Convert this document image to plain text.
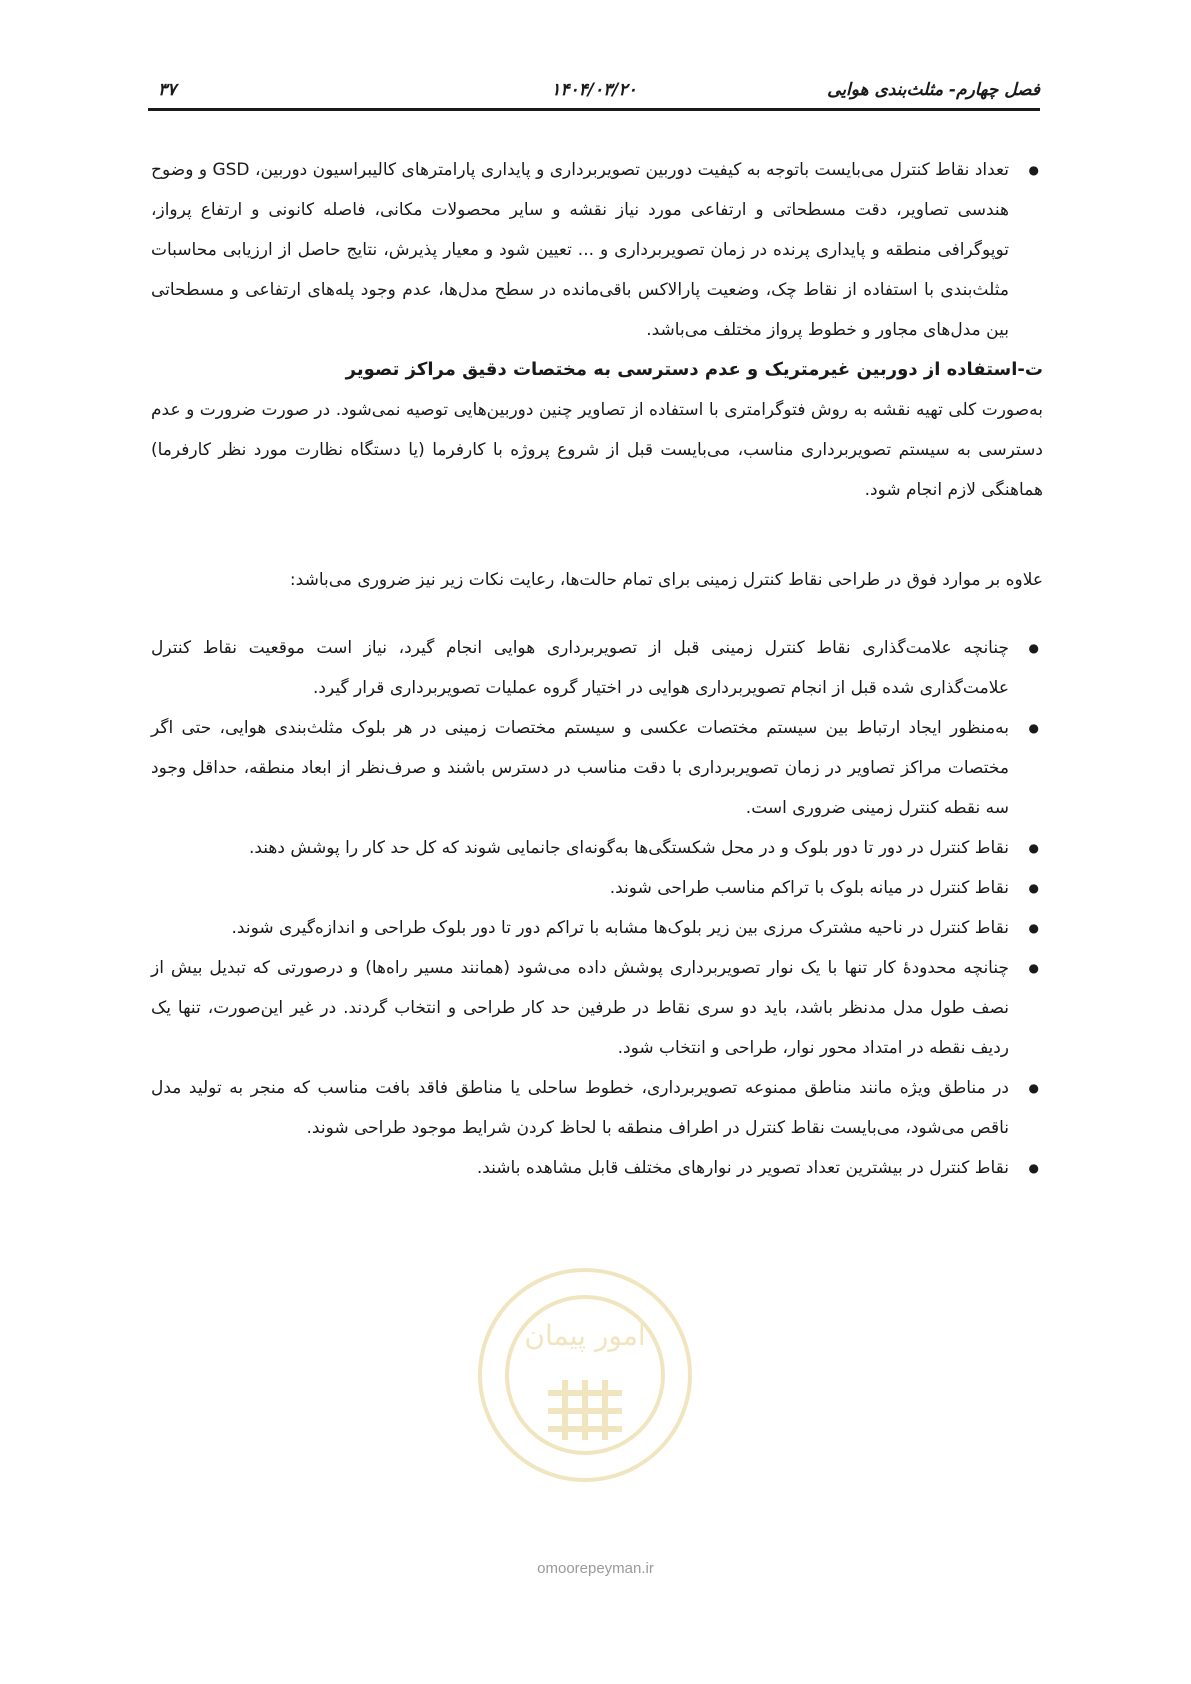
فصل چهارم- مثلث‌بندی هوایی
۱۴۰۴/۰۳/۲۰
۳۷
● تعداد نقاط کنترل می‌بایست باتوجه به کیفیت دوربین تصویربرداری و پایداری پارامترهای کالیبراسیون دوربین، GSD و وضوح هندسی تصاویر، دقت مسطحاتی و ارتفاعی مورد نیاز نقشه و سایر محصولات مکانی، فاصله کانونی و ارتفاع پرواز، توپوگرافی منطقه و پایداری پرنده در زمان تصویربرداری و ... تعیین شود و معیار پذیرش، نتایج حاصل از ارزیابی محاسبات مثلث‌بندی با استفاده از نقاط چک، وضعیت پارالاکس باقی‌مانده در سطح مدل‌ها، عدم وجود پله‌های ارتفاعی و مسطحاتی بین مدل‌های مجاور و خطوط پرواز مختلف می‌باشد.

ت-استفاده از دوربین غیرمتریک و عدم دسترسی به مختصات دقیق مراکز تصویر

به‌صورت کلی تهیه نقشه به روش فتوگرامتری با استفاده از تصاویر چنین دوربین‌هایی توصیه نمی‌شود. در صورت ضرورت و عدم دسترسی به سیستم تصویربرداری مناسب، می‌بایست قبل از شروع پروژه با کارفرما (یا دستگاه نظارت مورد نظر کارفرما) هماهنگی لازم انجام شود.

علاوه بر موارد فوق در طراحی نقاط کنترل زمینی برای تمام حالت‌ها، رعایت نکات زیر نیز ضروری می‌باشد:

● چنانچه علامت‌گذاری نقاط کنترل زمینی قبل از تصویربرداری هوایی انجام گیرد، نیاز است موقعیت نقاط کنترل علامت‌گذاری شده قبل از انجام تصویربرداری هوایی در اختیار گروه عملیات تصویربرداری قرار گیرد.
● به‌منظور ایجاد ارتباط بین سیستم مختصات عکسی و سیستم مختصات زمینی در هر بلوک مثلث‌بندی هوایی، حتی اگر مختصات مراکز تصاویر در زمان تصویربرداری با دقت مناسب در دسترس باشند و صرف‌نظر از ابعاد منطقه، حداقل وجود سه نقطه کنترل زمینی ضروری است.
● نقاط کنترل در دور تا دور بلوک و در محل شکستگی‌ها به‌گونه‌ای جانمایی شوند که کل حد کار را پوشش دهند.
● نقاط کنترل در میانه بلوک با تراکم مناسب طراحی شوند.
● نقاط کنترل در ناحیه مشترک مرزی بین زیر بلوک‌ها مشابه با تراکم دور تا دور بلوک طراحی و اندازه‌گیری شوند.
● چنانچه محدودهٔ کار تنها با یک نوار تصویربرداری پوشش داده می‌شود (همانند مسیر راه‌ها) و درصورتی که تبدیل بیش از نصف طول مدل مدنظر باشد، باید دو سری نقاط در طرفین حد کار طراحی و انتخاب گردند. در غیر این‌صورت، تنها یک ردیف نقطه در امتداد محور نوار، طراحی و انتخاب شود.
● در مناطق ویژه مانند مناطق ممنوعه تصویربرداری، خطوط ساحلی یا مناطق فاقد بافت مناسب که منجر به تولید مدل ناقص می‌شود، می‌بایست نقاط کنترل در اطراف منطقه با لحاظ کردن شرایط موجود طراحی شوند.
● نقاط کنترل در بیشترین تعداد تصویر در نوارهای مختلف قابل مشاهده باشند.
امور پیمان
omoorepeyman.ir
